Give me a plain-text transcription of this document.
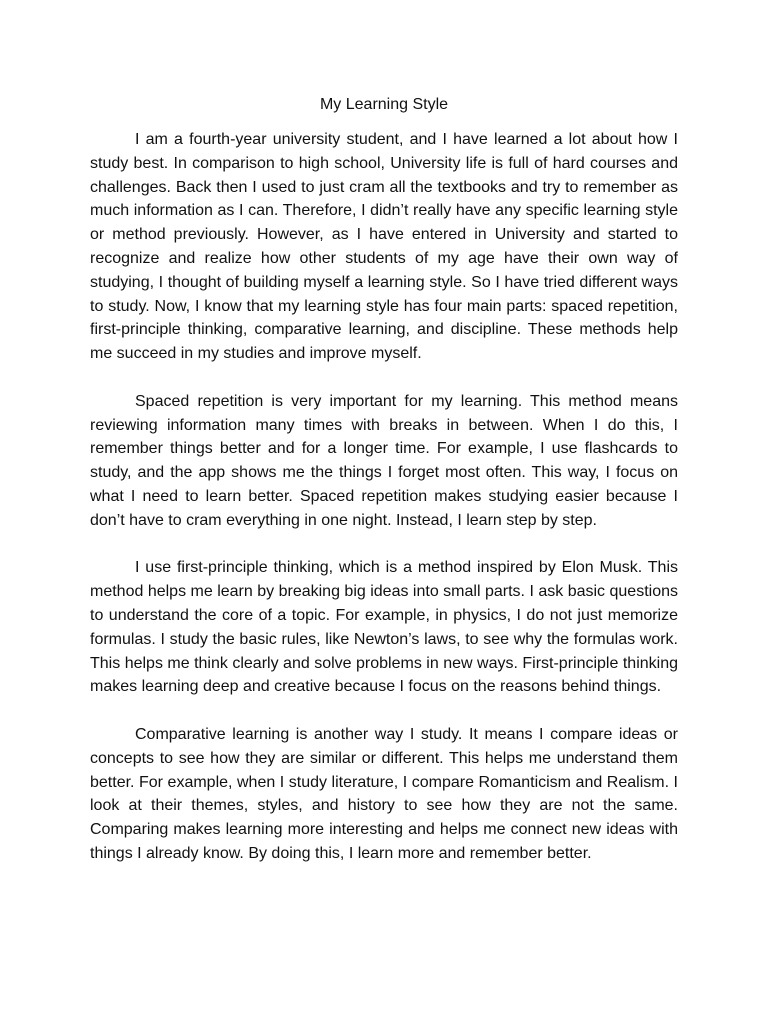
My Learning Style

I am a fourth-year university student, and I have learned a lot about how I study best. In comparison to high school, University life is full of hard courses and challenges. Back then I used to just cram all the textbooks and try to remember as much information as I can. Therefore, I didn’t really have any specific learning style or method previously. However, as I have entered in University and started to recognize and realize how other students of my age have their own way of studying, I thought of building myself a learning style. So I have tried different ways to study. Now, I know that my learning style has four main parts: spaced repetition, first-principle thinking, comparative learning, and discipline. These methods help me succeed in my studies and improve myself.

Spaced repetition is very important for my learning. This method means reviewing information many times with breaks in between. When I do this, I remember things better and for a longer time. For example, I use flashcards to study, and the app shows me the things I forget most often. This way, I focus on what I need to learn better. Spaced repetition makes studying easier because I don’t have to cram everything in one night. Instead, I learn step by step.

I use first-principle thinking, which is a method inspired by Elon Musk. This method helps me learn by breaking big ideas into small parts. I ask basic questions to understand the core of a topic. For example, in physics, I do not just memorize formulas. I study the basic rules, like Newton’s laws, to see why the formulas work. This helps me think clearly and solve problems in new ways. First-principle thinking makes learning deep and creative because I focus on the reasons behind things.

Comparative learning is another way I study. It means I compare ideas or concepts to see how they are similar or different. This helps me understand them better. For example, when I study literature, I compare Romanticism and Realism. I look at their themes, styles, and history to see how they are not the same. Comparing makes learning more interesting and helps me connect new ideas with things I already know. By doing this, I learn more and remember better.
